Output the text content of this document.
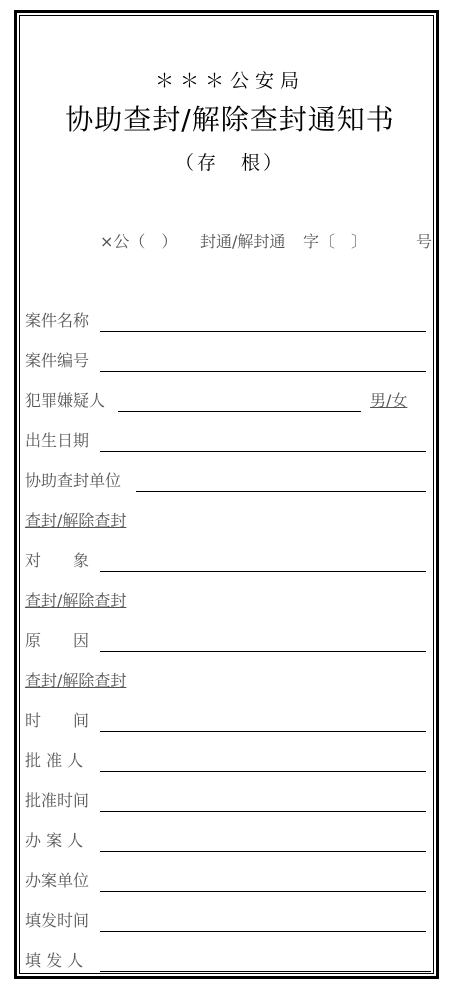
＊＊＊公安局
协助查封/解除查封通知书
（存　根）
×公（　） 封通/解封通 字〔　〕	号
案件名称
案件编号
犯罪嫌疑人	男/女
出生日期
协助查封单位
查封/解除查封
对　　象
查封/解除查封
原　　因
查封/解除查封
时　　间
批 准 人
批准时间
办 案 人
办案单位
填发时间
填 发 人
